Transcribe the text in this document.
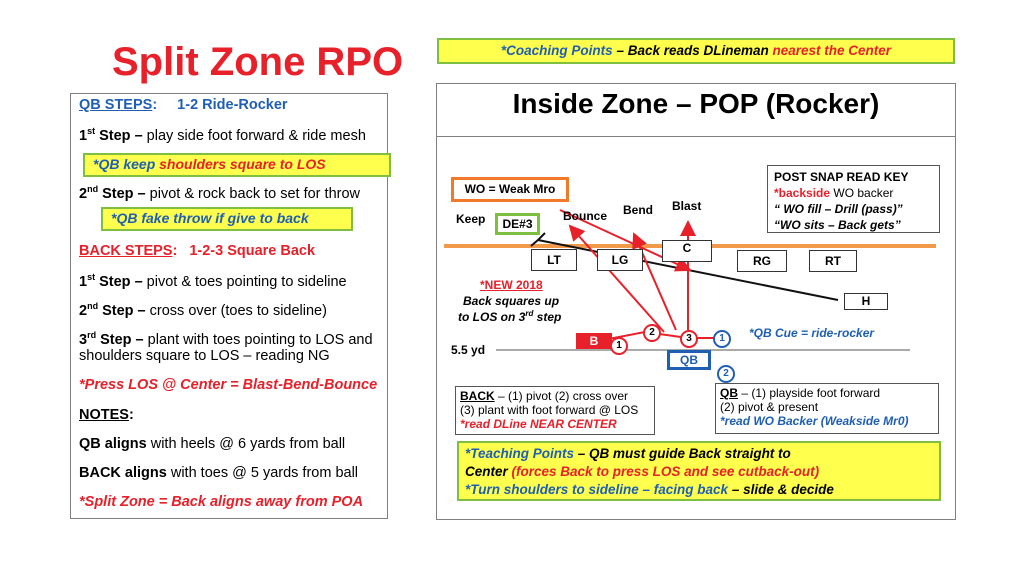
Split Zone RPO	*Coaching Points – Back reads DLineman nearest the Center
QB STEPS: 1-2 Ride-Rocker
1st Step – play side foot forward & ride mesh
*QB keep shoulders square to LOS
2nd Step – pivot & rock back to set for throw
*QB fake throw if give to back
BACK STEPS: 1-2-3 Square Back
1st Step – pivot & toes pointing to sideline
2nd Step – cross over (toes to sideline)
3rd Step – plant with toes pointing to LOS and
shoulders square to LOS – reading NG
*Press LOS @ Center = Blast-Bend-Bounce
NOTES:
QB aligns with heels @ 6 yards from ball
BACK aligns with toes @ 5 yards from ball
*Split Zone = Back aligns away from POA
Inside Zone – POP (Rocker)
POST SNAP READ KEY
*backside WO backer
“ WO fill – Drill (pass)”
“WO sits – Back gets”
WO = Weak Mro
Keep	DE#3
Bounce Bend Blast
LT	LG
C
RG	RT
H
*NEW 2018
Back squares up
to LOS on 3rd step
*QB Cue = ride-rocker
5.5 yd
B	1
2
3	1
2
QB
BACK – (1) pivot (2) cross over
(3) plant with foot forward @ LOS
*read DLine NEAR CENTER
QB – (1) playside foot forward
(2) pivot & present
*read WO Backer (Weakside Mr0)
*Teaching Points – QB must guide Back straight to
Center (forces Back to press LOS and see cutback-out)
*Turn shoulders to sideline – facing back – slide & decide
